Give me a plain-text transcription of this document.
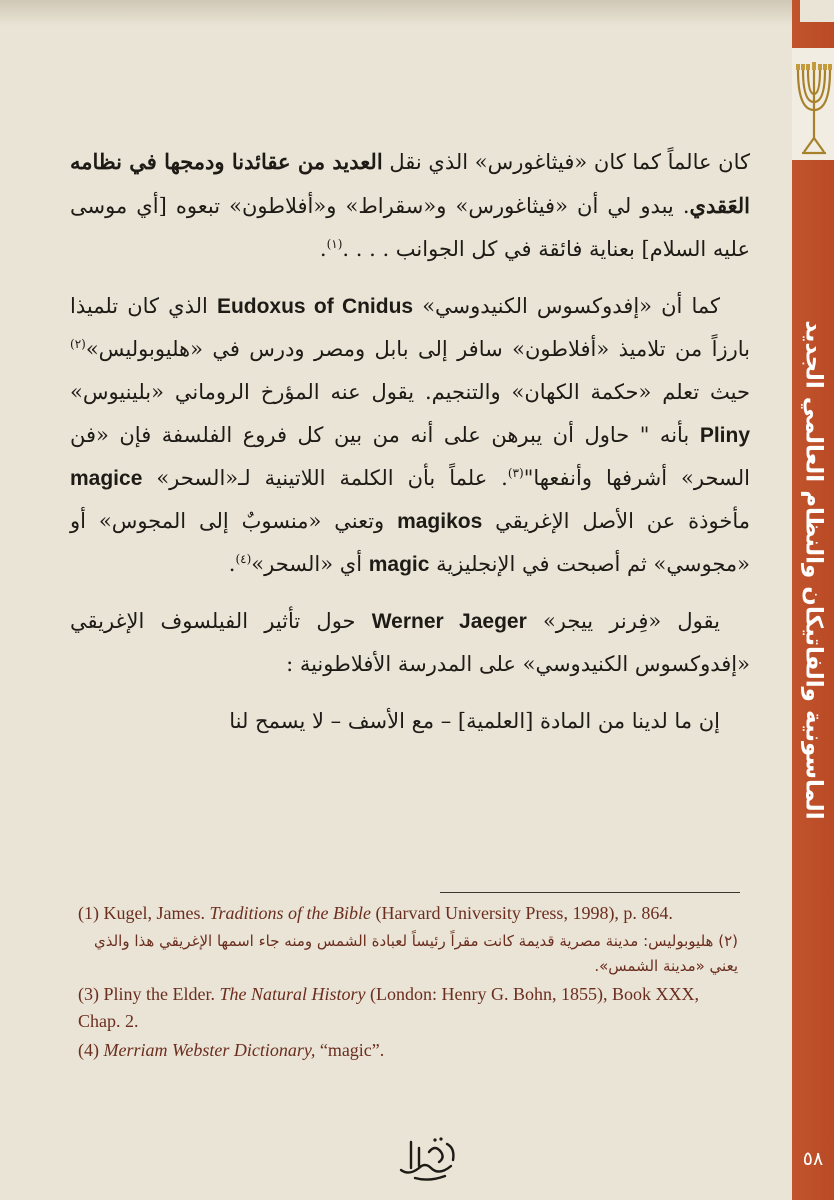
الماسونية والفاتيكان والنظام العالمي الجديد
٥٨

كان عالماً كما كان «فيثاغورس» الذي نقل العديد من عقائدنا ودمجها في نظامه العَقدي. يبدو لي أن «فيثاغورس» و«سقراط» و«أفلاطون» تبعوه [أي موسى عليه السلام] بعناية فائقة في كل الجوانب . . . .$^{(١)}$.

كما أن «إفدوكسوس الكنيدوسي» Eudoxus of Cnidus الذي كان تلميذا بارزاً من تلاميذ «أفلاطون» سافر إلى بابل ومصر ودرس في «هليوبوليس»$^{(٢)}$ حيث تعلم «حكمة الكهان» والتنجيم. يقول عنه المؤرخ الروماني «بلينيوس» Pliny بأنه " حاول أن يبرهن على أنه من بين كل فروع الفلسفة فإن «فن السحر» أشرفها وأنفعها"$^{(٣)}$. علماً بأن الكلمة اللاتينية لـ«السحر» magice مأخوذة عن الأصل الإغريقي magikos وتعني «منسوبٌ إلى المجوس» أو «مجوسي» ثم أصبحت في الإنجليزية magic أي «السحر»$^{(٤)}$.

يقول «فِرنر ييجر» Werner Jaeger حول تأثير الفيلسوف الإغريقي «إفدوكسوس الكنيدوسي» على المدرسة الأفلاطونية :

إن ما لدينا من المادة [العلمية] – مع الأسف – لا يسمح لنا

(1) Kugel, James. Traditions of the Bible (Harvard University Press, 1998), p. 864.

(٢) هليوبوليس: مدينة مصرية قديمة كانت مقراً رئيساً لعبادة الشمس ومنه جاء اسمها الإغريقي هذا والذي يعني «مدينة الشمس».

(3) Pliny the Elder. The Natural History (London: Henry G. Bohn, 1855), Book XXX, Chap. 2.

(4) Merriam Webster Dictionary, “magic”.
